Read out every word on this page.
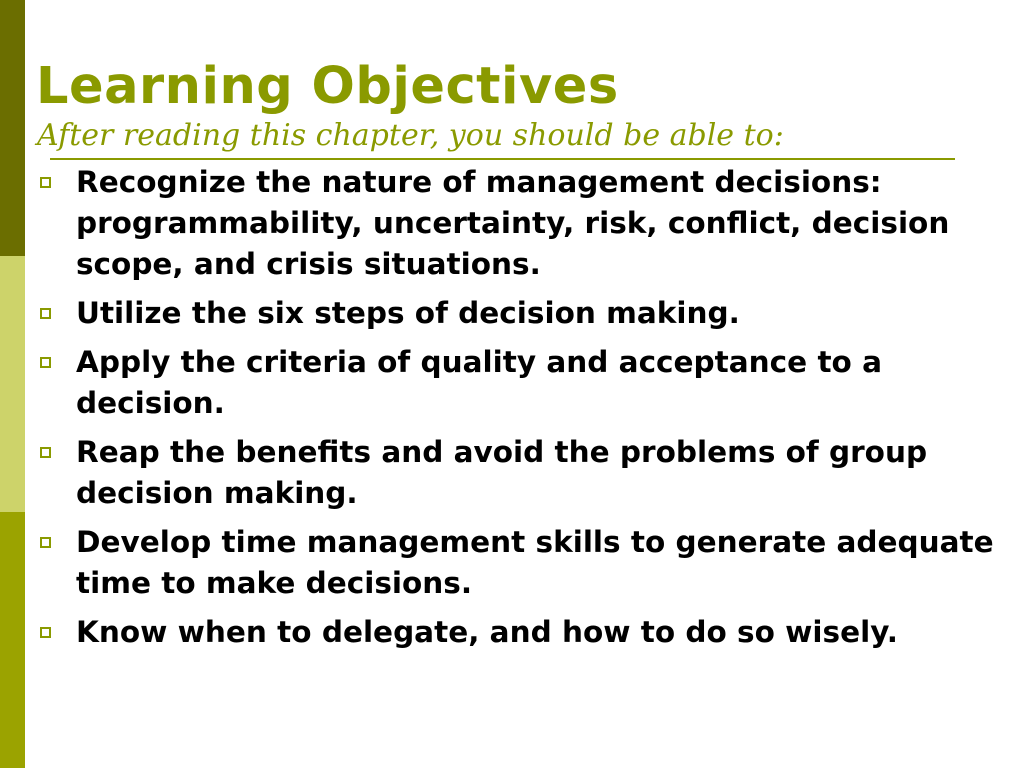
Learning Objectives

After reading this chapter, you should be able to:

Recognize the nature of management decisions: programmability, uncertainty, risk, conflict, decision scope, and crisis situations.
Utilize the six steps of decision making.
Apply the criteria of quality and acceptance to a decision.
Reap the benefits and avoid the problems of group decision making.
Develop time management skills to generate adequate time to make decisions.
Know when to delegate, and how to do so wisely.
